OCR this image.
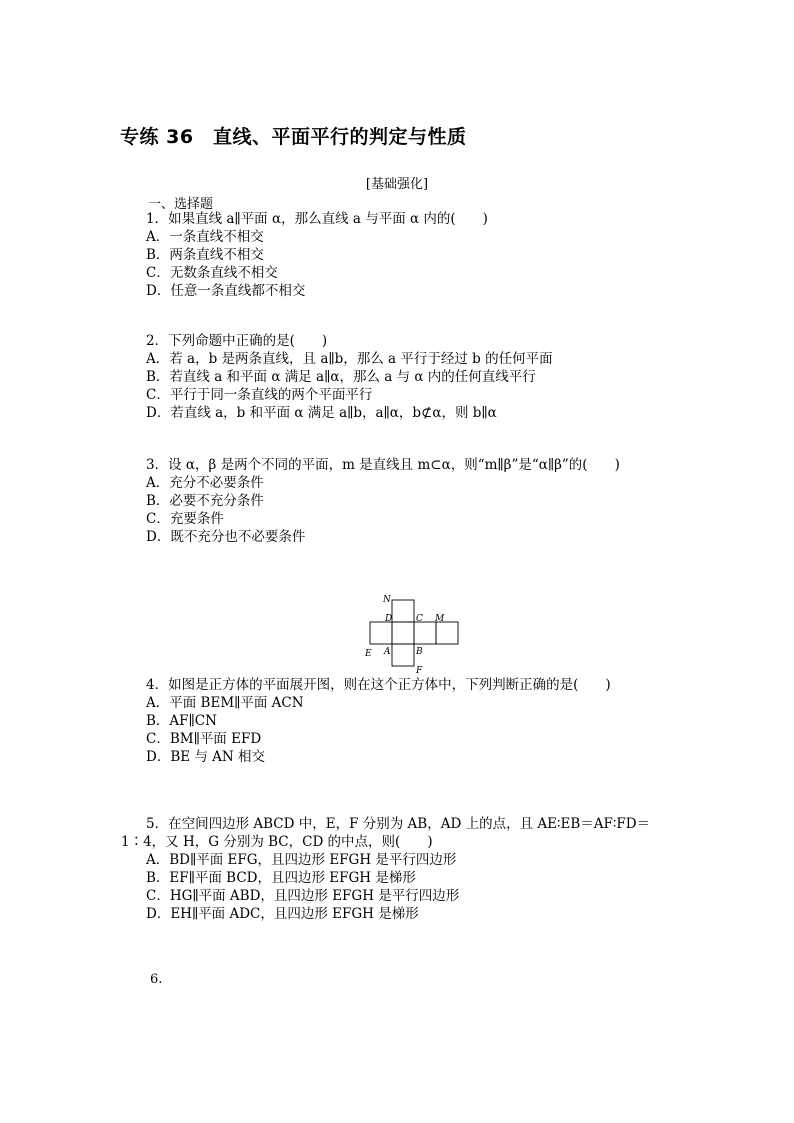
专练 36　直线、平面平行的判定与性质
[基础强化]
一、选择题
1．如果直线 a∥平面 α，那么直线 a 与平面 α 内的(　　)
A．一条直线不相交
B．两条直线不相交
C．无数条直线不相交
D．任意一条直线都不相交
2．下列命题中正确的是(　　)
A．若 a，b 是两条直线，且 a∥b，那么 a 平行于经过 b 的任何平面
B．若直线 a 和平面 α 满足 a∥α，那么 a 与 α 内的任何直线平行
C．平行于同一条直线的两个平面平行
D．若直线 a，b 和平面 α 满足 a∥b，a∥α，b⊄α，则 b∥α
3．设 α，β 是两个不同的平面，m 是直线且 m⊂α，则“m∥β”是“α∥β”的(　　)
A．充分不必要条件
B．必要不充分条件
C．充要条件
D．既不充分也不必要条件
N
D	C M
E A	B
F
4．如图是正方体的平面展开图，则在这个正方体中，下列判断正确的是(　　)
A．平面 BEM∥平面 ACN
B．AF∥CN
C．BM∥平面 EFD
D．BE 与 AN 相交
5．在空间四边形 ABCD 中，E，F 分别为 AB，AD 上的点，且 AE∶EB＝AF∶FD＝
1∶4，又 H，G 分别为 BC，CD 的中点，则(　　)
A．BD∥平面 EFG，且四边形 EFGH 是平行四边形
B．EF∥平面 BCD，且四边形 EFGH 是梯形
C．HG∥平面 ABD，且四边形 EFGH 是平行四边形
D．EH∥平面 ADC，且四边形 EFGH 是梯形
6.
